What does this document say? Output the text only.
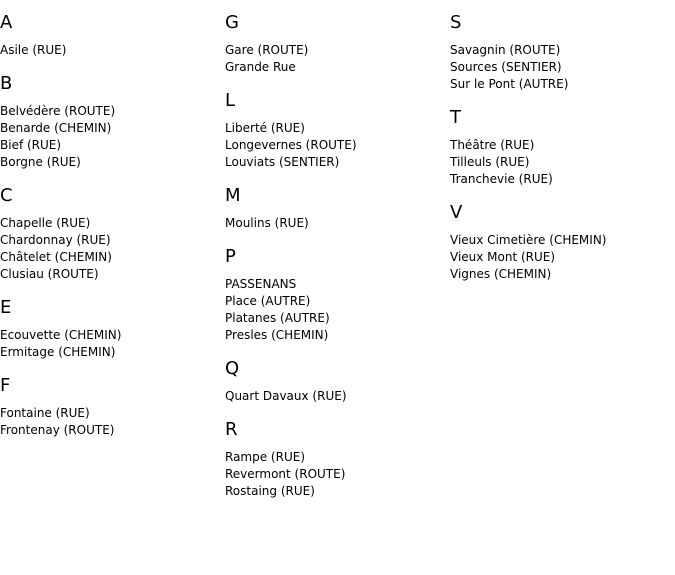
A
Asile (RUE)
B
Belvédère (ROUTE)
Benarde (CHEMIN)
Bief (RUE)
Borgne (RUE)
C
Chapelle (RUE)
Chardonnay (RUE)
Châtelet (CHEMIN)
Clusiau (ROUTE)
E
Ecouvette (CHEMIN)
Ermitage (CHEMIN)
F
Fontaine (RUE)
Frontenay (ROUTE)
G
Gare (ROUTE)
Grande Rue
L
Liberté (RUE)
Longevernes (ROUTE)
Louviats (SENTIER)
M
Moulins (RUE)
P
PASSENANS
Place (AUTRE)
Platanes (AUTRE)
Presles (CHEMIN)
Q
Quart Davaux (RUE)
R
Rampe (RUE)
Revermont (ROUTE)
Rostaing (RUE)
S
Savagnin (ROUTE)
Sources (SENTIER)
Sur le Pont (AUTRE)
T
Théâtre (RUE)
Tilleuls (RUE)
Tranchevie (RUE)
V
Vieux Cimetière (CHEMIN)
Vieux Mont (RUE)
Vignes (CHEMIN)
